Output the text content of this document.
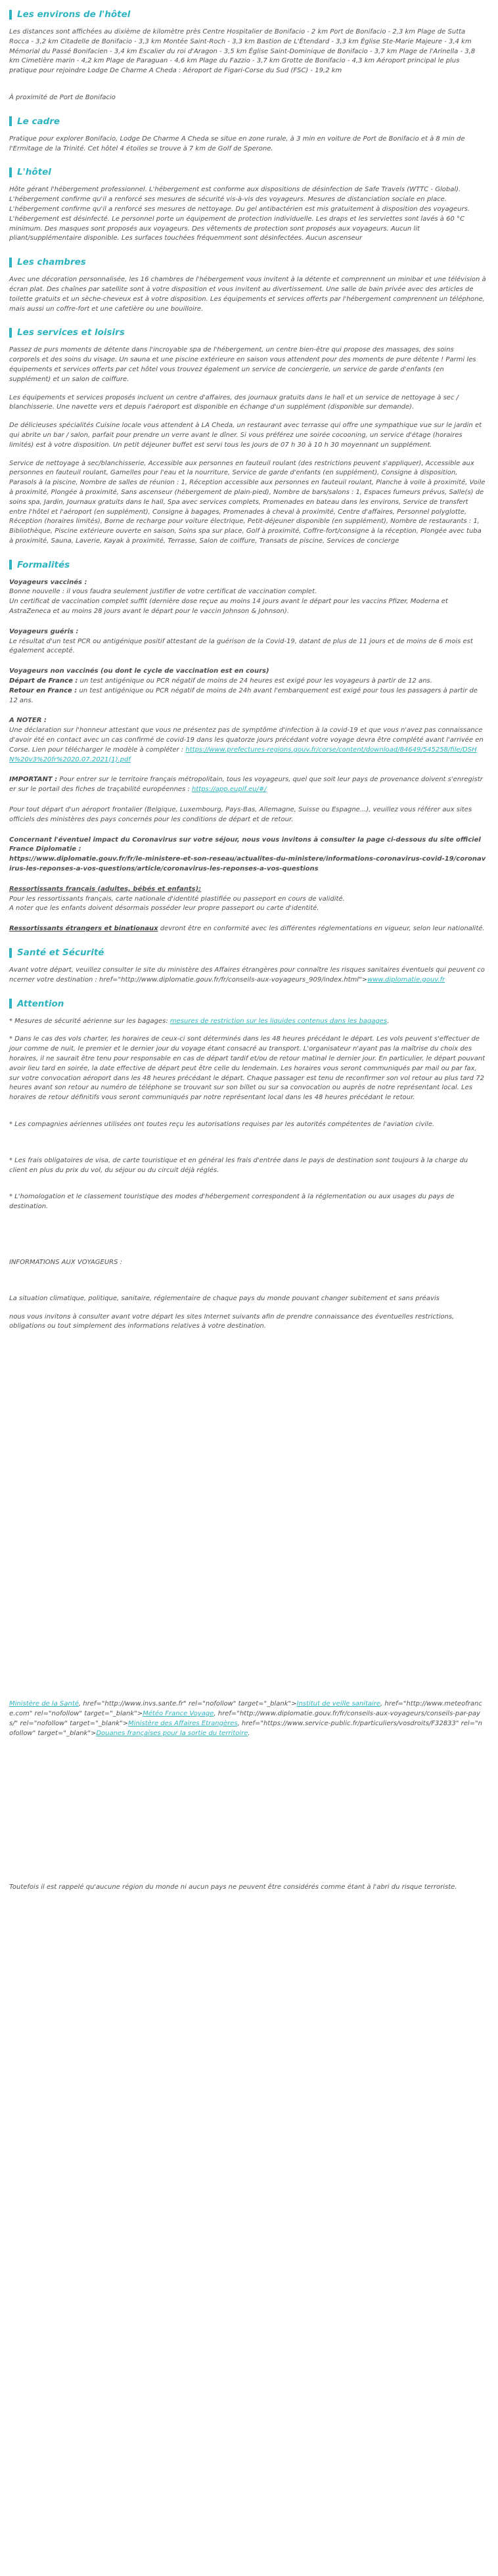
Les environs de l'hôtel

Les distances sont affichées au dixième de kilomètre près Centre Hospitalier de Bonifacio - 2 km Port de Bonifacio - 2,3 km Plage de Sutta Rocca - 3,2 km Citadelle de Bonifacio - 3,3 km Montée Saint-Roch - 3,3 km Bastion de L'Étendard - 3,3 km Église Ste-Marie Majeure - 3,4 km Mémorial du Passé Bonifacien - 3,4 km Escalier du roi d'Aragon - 3,5 km Église Saint-Dominique de Bonifacio - 3,7 km Plage de l'Arinella - 3,8 km Cimetière marin - 4,2 km Plage de Paraguan - 4,6 km Plage du Fazzio - 3,7 km Grotte de Bonifacio - 4,3 km Aéroport principal le plus pratique pour rejoindre Lodge De Charme A Cheda : Aéroport de Figari-Corse du Sud (FSC) - 19,2 km

À proximité de Port de Bonifacio

Le cadre

Pratique pour explorer Bonifacio, Lodge De Charme A Cheda se situe en zone rurale, à 3 min en voiture de Port de Bonifacio et à 8 min de l'Ermitage de la Trinité. Cet hôtel 4 étoiles se trouve à 7 km de Golf de Sperone.

L'hôtel

Hôte gérant l'hébergement professionnel. L'hébergement est conforme aux dispositions de désinfection de Safe Travels (WTTC - Global). L'hébergement confirme qu'il a renforcé ses mesures de sécurité vis-à-vis des voyageurs. Mesures de distanciation sociale en place. L'hébergement confirme qu'il a renforcé ses mesures de nettoyage. Du gel antibactérien est mis gratuitement à disposition des voyageurs. L'hébergement est désinfecté. Le personnel porte un équipement de protection individuelle. Les draps et les serviettes sont lavés à 60 °C minimum. Des masques sont proposés aux voyageurs. Des vêtements de protection sont proposés aux voyageurs. Aucun lit pliant/supplémentaire disponible. Les surfaces touchées fréquemment sont désinfectées. Aucun ascenseur

Les chambres

Avec une décoration personnalisée, les 16 chambres de l'hébergement vous invitent à la détente et comprennent un minibar et une télévision à écran plat. Des chaînes par satellite sont à votre disposition et vous invitent au divertissement. Une salle de bain privée avec des articles de toilette gratuits et un sèche-cheveux est à votre disposition. Les équipements et services offerts par l'hébergement comprennent un téléphone, mais aussi un coffre-fort et une cafetière ou une bouilloire.

Les services et loisirs

Passez de purs moments de détente dans l'incroyable spa de l'hébergement, un centre bien-être qui propose des massages, des soins corporels et des soins du visage. Un sauna et une piscine extérieure en saison vous attendent pour des moments de pure détente ! Parmi les équipements et services offerts par cet hôtel vous trouvez également un service de conciergerie, un service de garde d'enfants (en supplément) et un salon de coiffure.

Les équipements et services proposés incluent un centre d'affaires, des journaux gratuits dans le hall et un service de nettoyage à sec / blanchisserie. Une navette vers et depuis l'aéroport est disponible en échange d'un supplément (disponible sur demande).

De délicieuses spécialités Cuisine locale vous attendent à LA Cheda, un restaurant avec terrasse qui offre une sympathique vue sur le jardin et qui abrite un bar / salon, parfait pour prendre un verre avant le dîner. Si vous préférez une soirée cocooning, un service d'étage (horaires limités) est à votre disposition. Un petit déjeuner buffet est servi tous les jours de 07 h 30 à 10 h 30 moyennant un supplément.

Service de nettoyage à sec/blanchisserie, Accessible aux personnes en fauteuil roulant (des restrictions peuvent s'appliquer), Accessible aux personnes en fauteuil roulant, Gamelles pour l'eau et la nourriture, Service de garde d'enfants (en supplément), Consigne à disposition, Parasols à la piscine, Nombre de salles de réunion : 1, Réception accessible aux personnes en fauteuil roulant, Planche à voile à proximité, Voile à proximité, Plongée à proximité, Sans ascenseur (hébergement de plain-pied), Nombre de bars/salons : 1, Espaces fumeurs prévus, Salle(s) de soins spa, Jardin, Journaux gratuits dans le hall, Spa avec services complets, Promenades en bateau dans les environs, Service de transfert entre l'hôtel et l'aéroport (en supplément), Consigne à bagages, Promenades à cheval à proximité, Centre d'affaires, Personnel polyglotte, Réception (horaires limités), Borne de recharge pour voiture électrique, Petit-déjeuner disponible (en supplément), Nombre de restaurants : 1, Bibliothèque, Piscine extérieure ouverte en saison, Soins spa sur place, Golf à proximité, Coffre-fort/consigne à la réception, Plongée avec tuba à proximité, Sauna, Laverie, Kayak à proximité, Terrasse, Salon de coiffure, Transats de piscine, Services de concierge

Formalités
Voyageurs vaccinés :
Bonne nouvelle : il vous faudra seulement justifier de votre certificat de vaccination complet.
Un certificat de vaccination complet suffit (dernière dose reçue au moins 14 jours avant le départ pour les vaccins Pfizer, Moderna et AstraZeneca et au moins 28 jours avant le départ pour le vaccin Johnson & Johnson).
Voyageurs guéris :
Le résultat d'un test PCR ou antigénique positif attestant de la guérison de la Covid-19, datant de plus de 11 jours et de moins de 6 mois est également accepté.
Voyageurs non vaccinés (ou dont le cycle de vaccination est en cours)
Départ de France : un test antigénique ou PCR négatif de moins de 24 heures est exigé pour les voyageurs à partir de 12 ans.
Retour en France : un test antigénique ou PCR négatif de moins de 24h avant l'embarquement est exigé pour tous les passagers à partir de 12 ans.
A NOTER :
Une déclaration sur l'honneur attestant que vous ne présentez pas de symptôme d'infection à la covid-19 et que vous n'avez pas connaissance d'avoir été en contact avec un cas confirmé de covid-19 dans les quatorze jours précédant votre voyage devra être complété avant l'arrivée en Corse. Lien pour télécharger le modèle à compléter : https://www.prefectures-regions.gouv.fr/corse/content/download/84649/545258/file/DSHN%20v3%20fr%2020.07.2021(1).pdf
IMPORTANT : Pour entrer sur le territoire français métropolitain, tous les voyageurs, quel que soit leur pays de provenance doivent s'enregistrer sur le portail des fiches de traçabilité européennes : https://app.euplf.eu/#/
Pour tout départ d'un aéroport frontalier (Belgique, Luxembourg, Pays-Bas, Allemagne, Suisse ou Espagne...), veuillez vous référer aux sites officiels des ministères des pays concernés pour les conditions de départ et de retour.
Concernant l'éventuel impact du Coronavirus sur votre séjour, nous vous invitons à consulter la page ci-dessous du site officiel France Diplomatie :
https://www.diplomatie.gouv.fr/fr/le-ministere-et-son-reseau/actualites-du-ministere/informations-coronavirus-covid-19/coronavirus-les-reponses-a-vos-questions/article/coronavirus-les-reponses-a-vos-questions
Ressortissants français (adultes, bébés et enfants):
Pour les ressortissants français, carte nationale d'identité plastifiée ou passeport en cours de validité.
A noter que les enfants doivent désormais posséder leur propre passeport ou carte d'identité.
Ressortissants étrangers et binationaux devront être en conformité avec les différentes réglementations en vigueur, selon leur nationalité.
Santé et Sécurité

Avant votre départ, veuillez consulter le site du ministère des Affaires étrangères pour connaître les risques sanitaires éventuels qui peuvent concerner votre destination : href="http://www.diplomatie.gouv.fr/fr/conseils-aux-voyageurs_909/index.html">www.diplomatie.gouv.fr

Attention

* Mesures de sécurité aérienne sur les bagages: mesures de restriction sur les liquides contenus dans les bagages.

* Dans le cas des vols charter, les horaires de ceux-ci sont déterminés dans les 48 heures précédant le départ. Les vols peuvent s'effectuer de jour comme de nuit, le premier et le dernier jour du voyage étant consacré au transport. L'organisateur n'ayant pas la maîtrise du choix des horaires, il ne saurait être tenu pour responsable en cas de départ tardif et/ou de retour matinal le dernier jour. En particulier, le départ pouvant avoir lieu tard en soirée, la date effective de départ peut être celle du lendemain. Les horaires vous seront communiqués par mail ou par fax, sur votre convocation aéroport dans les 48 heures précédant le départ. Chaque passager est tenu de reconfirmer son vol retour au plus tard 72 heures avant son retour au numéro de téléphone se trouvant sur son billet ou sur sa convocation ou auprès de notre représentant local. Les horaires de retour définitifs vous seront communiqués par notre représentant local dans les 48 heures précédant le retour.

* Les compagnies aériennes utilisées ont toutes reçu les autorisations requises par les autorités compétentes de l'aviation civile.

* Les frais obligatoires de visa, de carte touristique et en général les frais d'entrée dans le pays de destination sont toujours à la charge du client en plus du prix du vol, du séjour ou du circuit déjà réglés.

* L'homologation et le classement touristique des modes d'hébergement correspondent à la réglementation ou aux usages du pays de destination.

INFORMATIONS AUX VOYAGEURS :

La situation climatique, politique, sanitaire, réglementaire de chaque pays du monde pouvant changer subitement et sans préavis

nous vous invitons à consulter avant votre départ les sites Internet suivants afin de prendre connaissance des éventuelles restrictions, obligations ou tout simplement des informations relatives à votre destination.

Ministère de la Santé, href="http://www.invs.sante.fr" rel="nofollow" target="_blank">Institut de veille sanitaire, href="http://www.meteofrance.com" rel="nofollow" target="_blank">Météo France Voyage, href="http://www.diplomatie.gouv.fr/fr/conseils-aux-voyageurs/conseils-par-pays/" rel="nofollow" target="_blank">Ministère des Affaires Etrangères, href="https://www.service-public.fr/particuliers/vosdroits/F32833" rel="nofollow" target="_blank">Douanes françaises pour la sortie du territoire.

Toutefois il est rappelé qu'aucune région du monde ni aucun pays ne peuvent être considérés comme étant à l'abri du risque terroriste.
